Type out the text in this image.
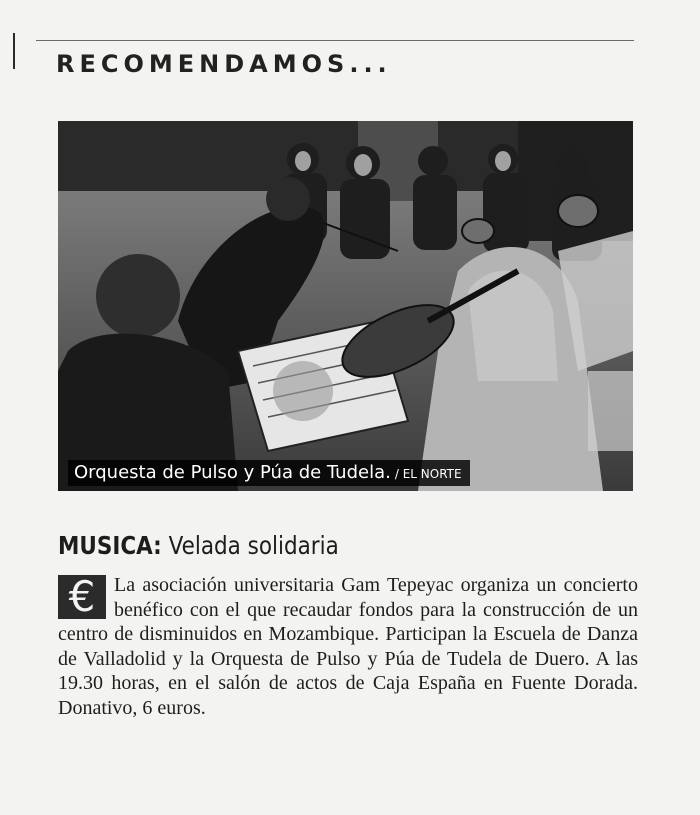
RECOMENDAMOS...
Orquesta de Pulso y Púa de Tudela. / EL NORTE
MUSICA: Velada solidaria
€ La asociación universitaria Gam Tepeyac organiza un concierto benéfico con el que recaudar fondos para la construcción de un centro de disminuidos en Mozambique. Participan la Escuela de Danza de Valladolid y la Orquesta de Pulso y Púa de Tudela de Duero. A las 19.30 horas, en el salón de actos de Caja España en Fuente Dorada. Donativo, 6 euros.
